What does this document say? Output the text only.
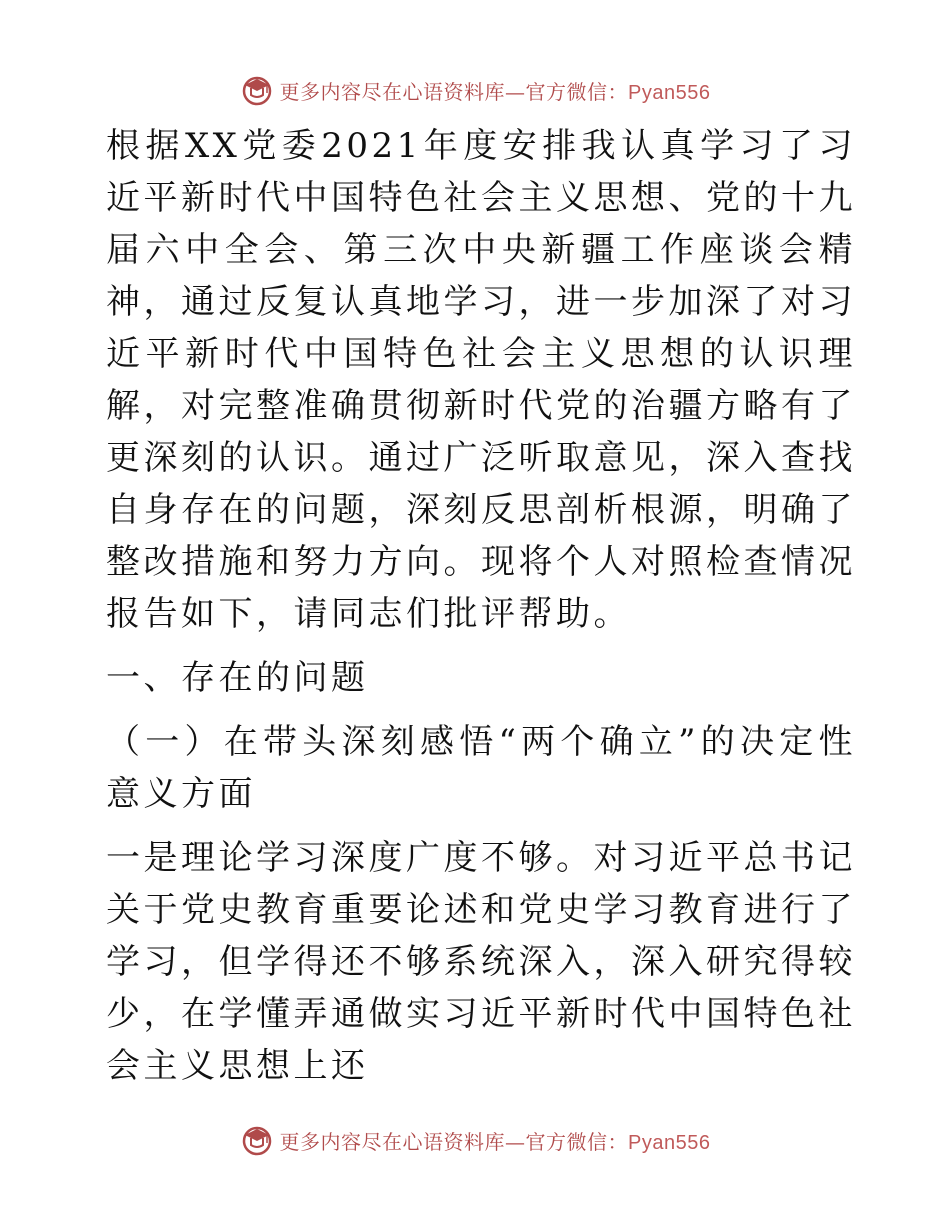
更多内容尽在心语资料库—官方微信：Pyan556

根据XX党委2021年度安排我认真学习了习近平新时代中国特色社会主义思想、党的十九届六中全会、第三次中央新疆工作座谈会精神，通过反复认真地学习，进一步加深了对习近平新时代中国特色社会主义思想的认识理解，对完整准确贯彻新时代党的治疆方略有了更深刻的认识。通过广泛听取意见，深入查找自身存在的问题，深刻反思剖析根源，明确了整改措施和努力方向。现将个人对照检查情况报告如下，请同志们批评帮助。

一、存在的问题

（一）在带头深刻感悟“两个确立”的决定性意义方面

一是理论学习深度广度不够。对习近平总书记关于党史教育重要论述和党史学习教育进行了学习，但学得还不够系统深入，深入研究得较少，在学懂弄通做实习近平新时代中国特色社会主义思想上还

更多内容尽在心语资料库—官方微信：Pyan556
